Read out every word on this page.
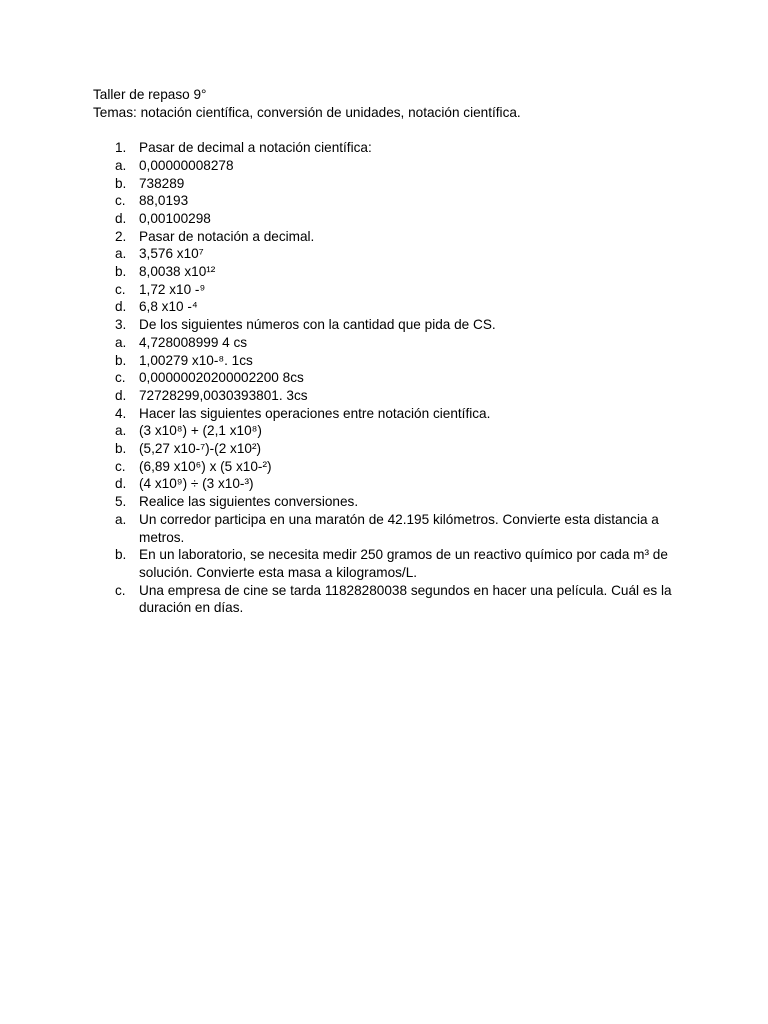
Taller de repaso 9°

Temas: notación científica, conversión de unidades, notación científica.

1. Pasar de decimal a notación científica:
a. 0,00000008278
b. 738289
c. 88,0193
d. 0,00100298
2. Pasar de notación a decimal.
a. 3,576 x10⁷
b. 8,0038 x10¹²
c. 1,72 x10 -⁹
d. 6,8 x10 -⁴
3. De los siguientes números con la cantidad que pida de CS.
a. 4,728008999 4 cs
b. 1,00279 x10-⁸. 1cs
c. 0,00000020200002200 8cs
d. 72728299,0030393801. 3cs
4. Hacer las siguientes operaciones entre notación científica.
a. (3 x10⁸) + (2,1 x10⁸)
b. (5,27 x10-⁷)-(2 x10²)
c. (6,89 x10⁶) x (5 x10-²)
d. (4 x10⁹) ÷ (3 x10-³)
5. Realice las siguientes conversiones.
a. Un corredor participa en una maratón de 42.195 kilómetros. Convierte esta distancia a metros.
b. En un laboratorio, se necesita medir 250 gramos de un reactivo químico por cada m³ de solución. Convierte esta masa a kilogramos/L.
c. Una empresa de cine se tarda 11828280038 segundos en hacer una película. Cuál es la duración en días.
